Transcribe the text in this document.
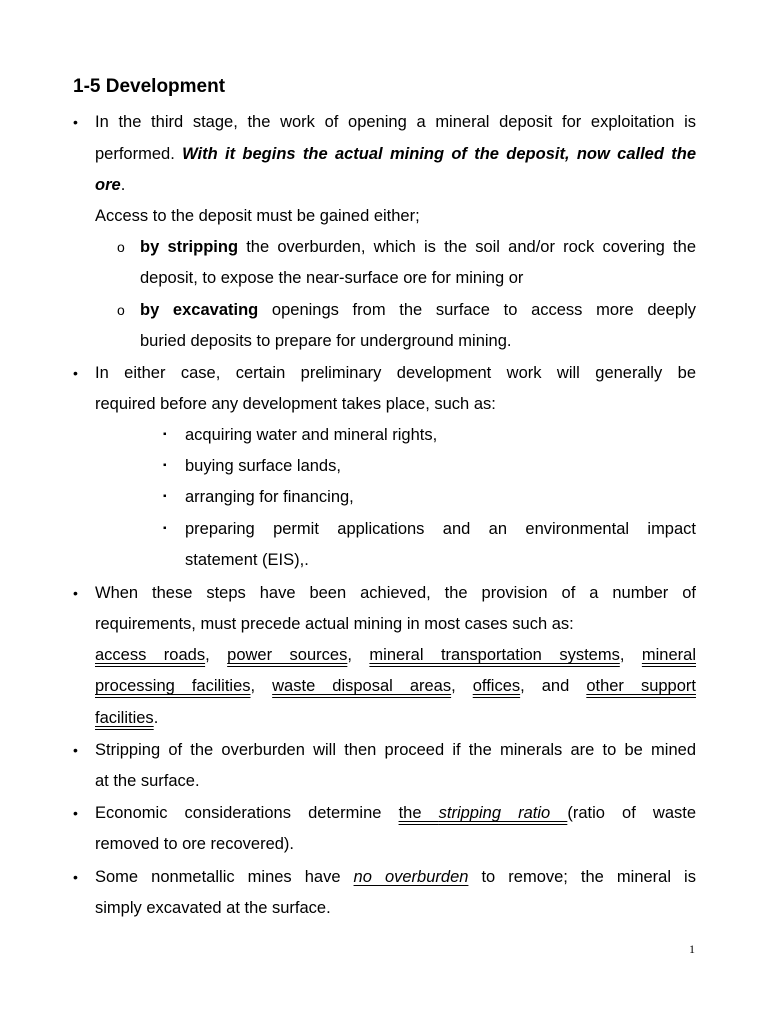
1-5 Development
• In the third stage, the work of opening a mineral deposit for exploitation is
performed. With it begins the actual mining of the deposit, now called the
ore.
Access to the deposit must be gained either;
o by stripping the overburden, which is the soil and/or rock covering the
deposit, to expose the near-surface ore for mining or
o by excavating openings from the surface to access more deeply
buried deposits to prepare for underground mining.
• In either case, certain preliminary development work will generally be
required before any development takes place, such as:
▪ acquiring water and mineral rights,
▪ buying surface lands,
▪ arranging for financing,
▪ preparing permit applications and an environmental impact
statement (EIS),.
• When these steps have been achieved, the provision of a number of
requirements, must precede actual mining in most cases such as:
access roads, power sources, mineral transportation systems, mineral
processing facilities, waste disposal areas, offices, and other support
facilities.
• Stripping of the overburden will then proceed if the minerals are to be mined
at the surface.
• Economic considerations determine the stripping ratio (ratio of waste
removed to ore recovered).
• Some nonmetallic mines have no overburden to remove; the mineral is
simply excavated at the surface.
1
